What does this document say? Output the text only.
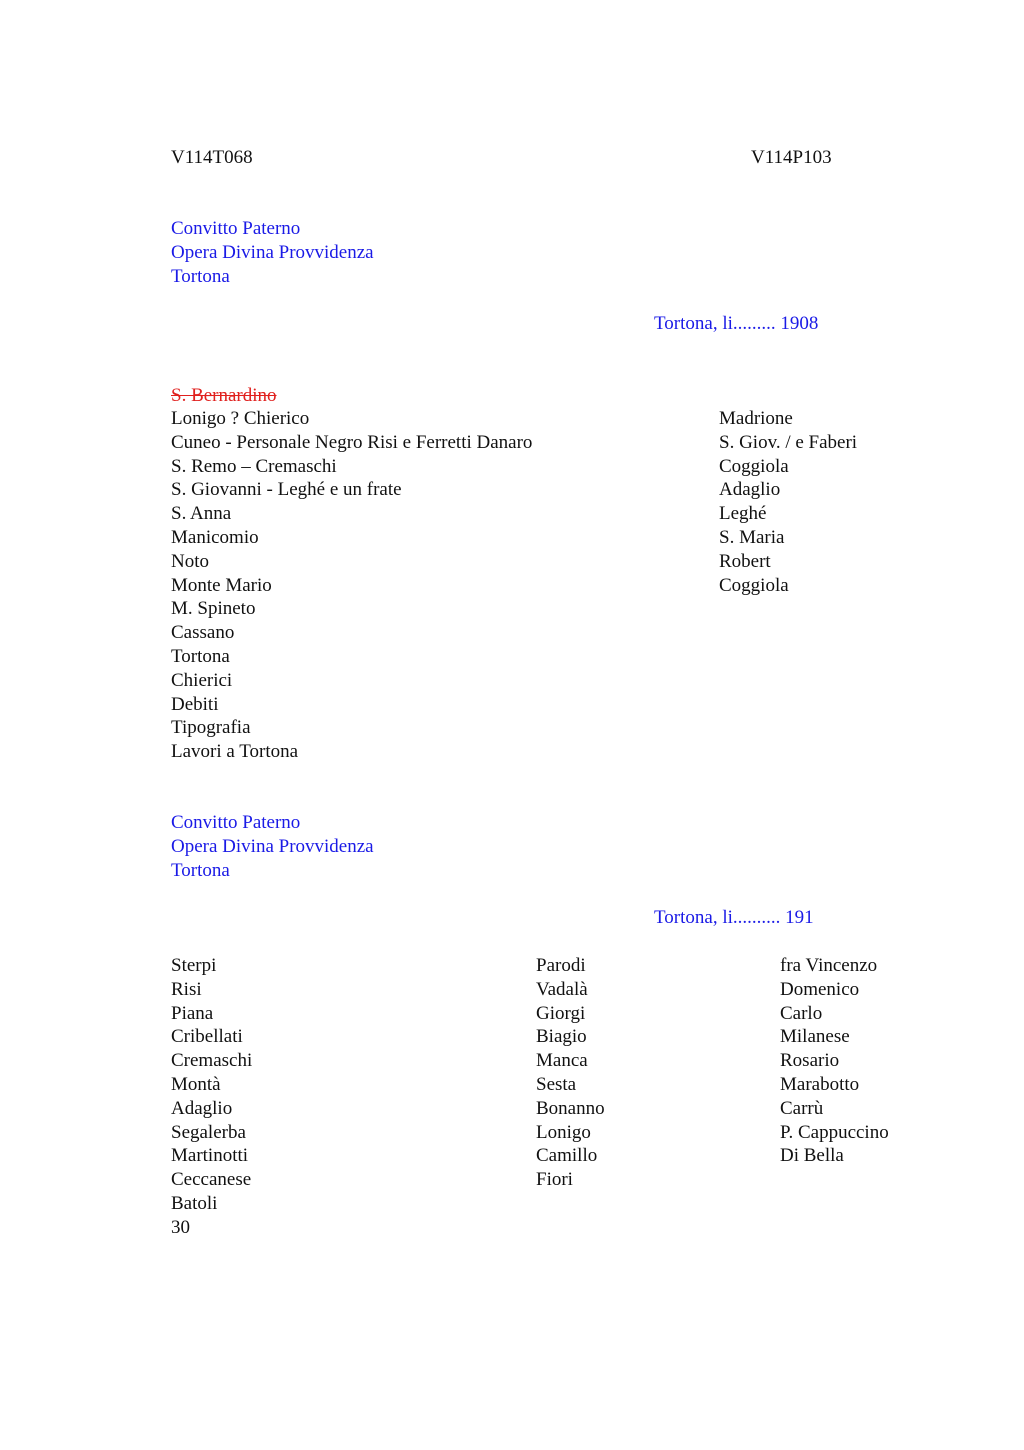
V114T068	V114P103
Convitto Paterno
Opera Divina Provvidenza
Tortona
Tortona, li......... 1908
S. Bernardino
Lonigo ? Chierico
Cuneo - Personale Negro Risi e Ferretti Danaro
S. Remo – Cremaschi
S. Giovanni - Leghé e un frate
S. Anna
Manicomio
Noto
Monte Mario
M. Spineto
Cassano
Tortona
Chierici
Debiti
Tipografia
Lavori a Tortona
Madrione
S. Giov. / e Faberi
Coggiola
Adaglio
Leghé
S. Maria
Robert
Coggiola
Convitto Paterno
Opera Divina Provvidenza
Tortona
Tortona, li.......... 191
Sterpi
Risi
Piana
Cribellati
Cremaschi
Montà
Adaglio
Segalerba
Martinotti
Ceccanese
Batoli
30
Parodi
Vadalà
Giorgi
Biagio
Manca
Sesta
Bonanno
Lonigo
Camillo
Fiori
fra Vincenzo
Domenico
Carlo
Milanese
Rosario
Marabotto
Carrù
P. Cappuccino
Di Bella
